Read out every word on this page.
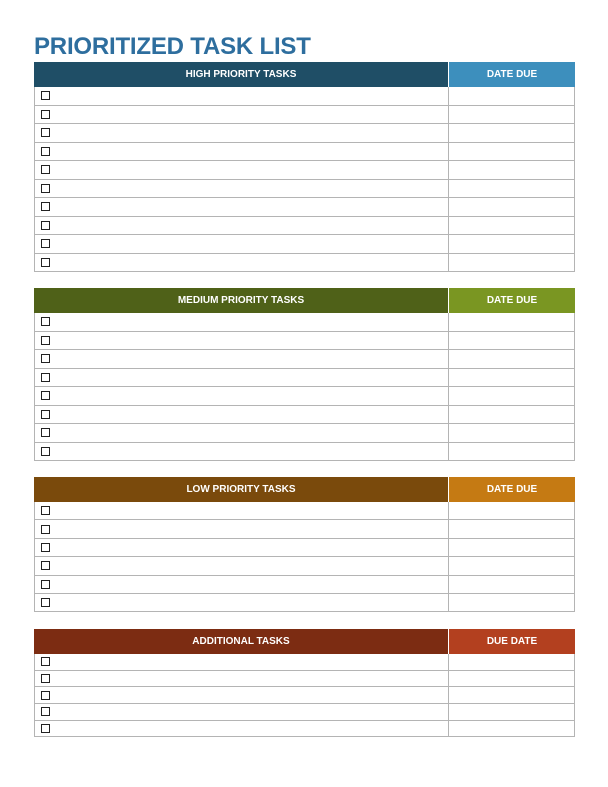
PRIORITIZED TASK LIST
HIGH PRIORITY TASKS	DATE DUE
MEDIUM PRIORITY TASKS	DATE DUE
LOW PRIORITY TASKS	DATE DUE
ADDITIONAL TASKS	DUE DATE
